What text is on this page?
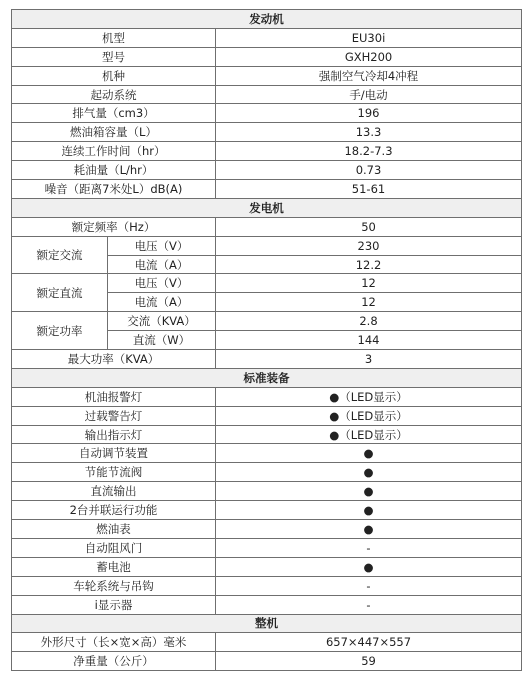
发动机		
机型		EU30i
型号		GXH200
机种		强制空气冷却4冲程
起动系统		手/电动
排气量（cm3）		196
燃油箱容量（L）		13.3
连续工作时间（hr）		18.2-7.3
耗油量（L/hr）		0.73
噪音（距离7米处L）dB(A)		51-61
发电机		
额定频率（Hz）		50
额定交流	电压（V）	230
	电流（A）	12.2
额定直流	电压（V）	12
	电流（A）	12
额定功率	交流（KVA）	2.8
	直流（W）	144
最大功率（KVA）		3
标准装备		
机油报警灯		●（LED显示）
过载警告灯		●（LED显示）
输出指示灯		●（LED显示）
自动调节装置		●
节能节流阀		●
直流输出		●
2台并联运行功能		●
燃油表		●
自动阻风门		-
蓄电池		●
车轮系统与吊钩		-
i显示器		-
整机		
外形尺寸（长×宽×高）毫米		657×447×557
净重量（公斤）		59
